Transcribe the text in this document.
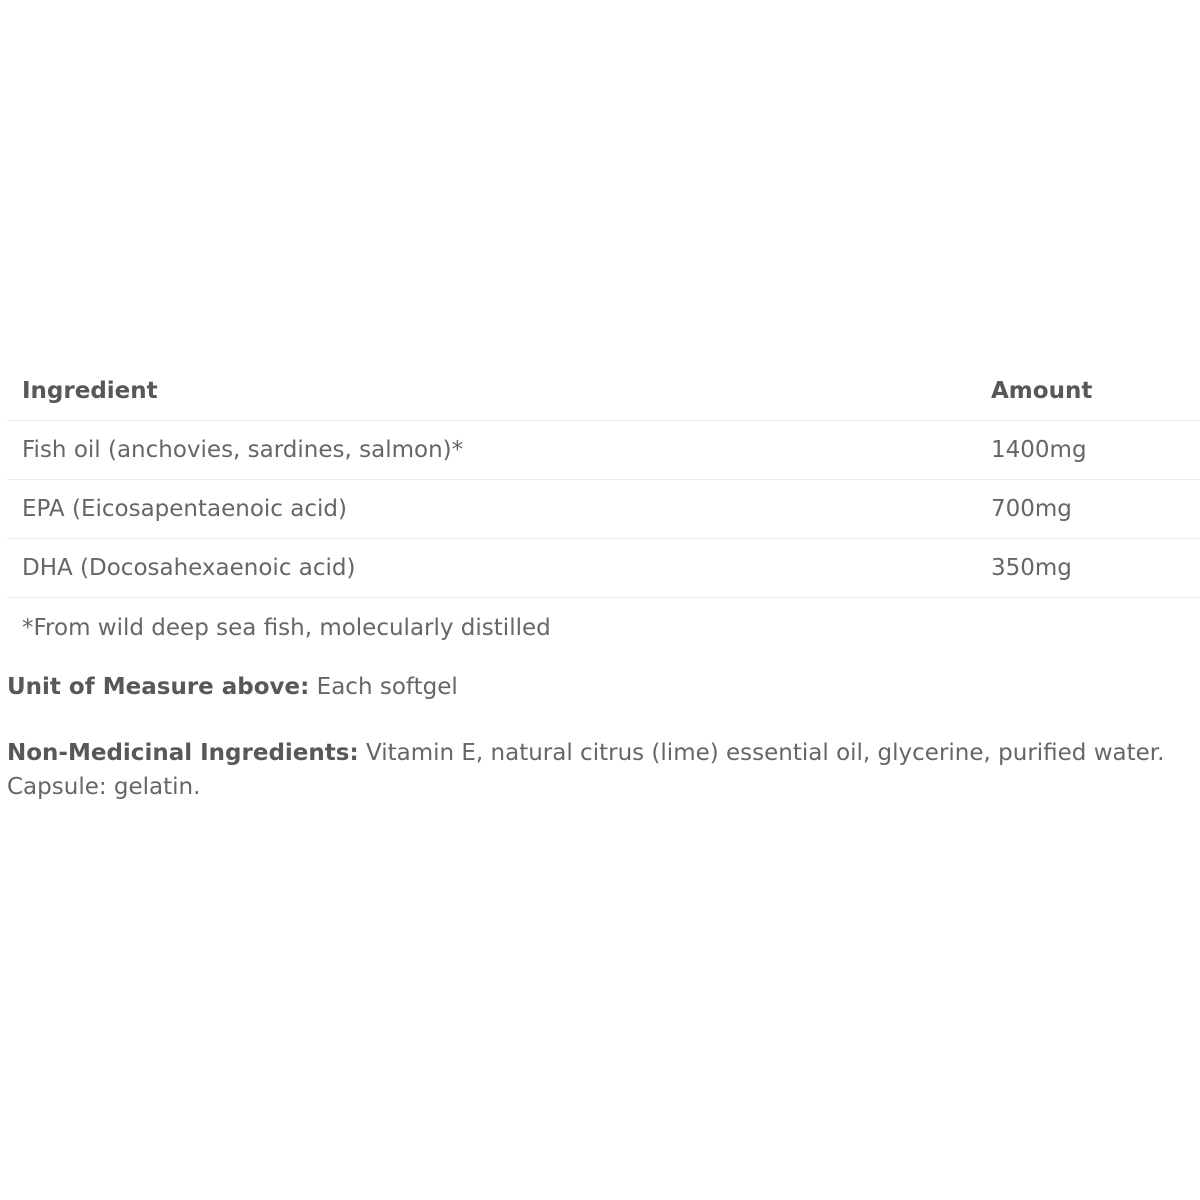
Ingredient	Amount
Fish oil (anchovies, sardines, salmon)*	1400mg
EPA (Eicosapentaenoic acid)	700mg
DHA (Docosahexaenoic acid)	350mg
*From wild deep sea fish, molecularly distilled	
Unit of Measure above: Each softgel
Non-Medicinal Ingredients: Vitamin E, natural citrus (lime) essential oil, glycerine, purified water. Capsule: gelatin.
